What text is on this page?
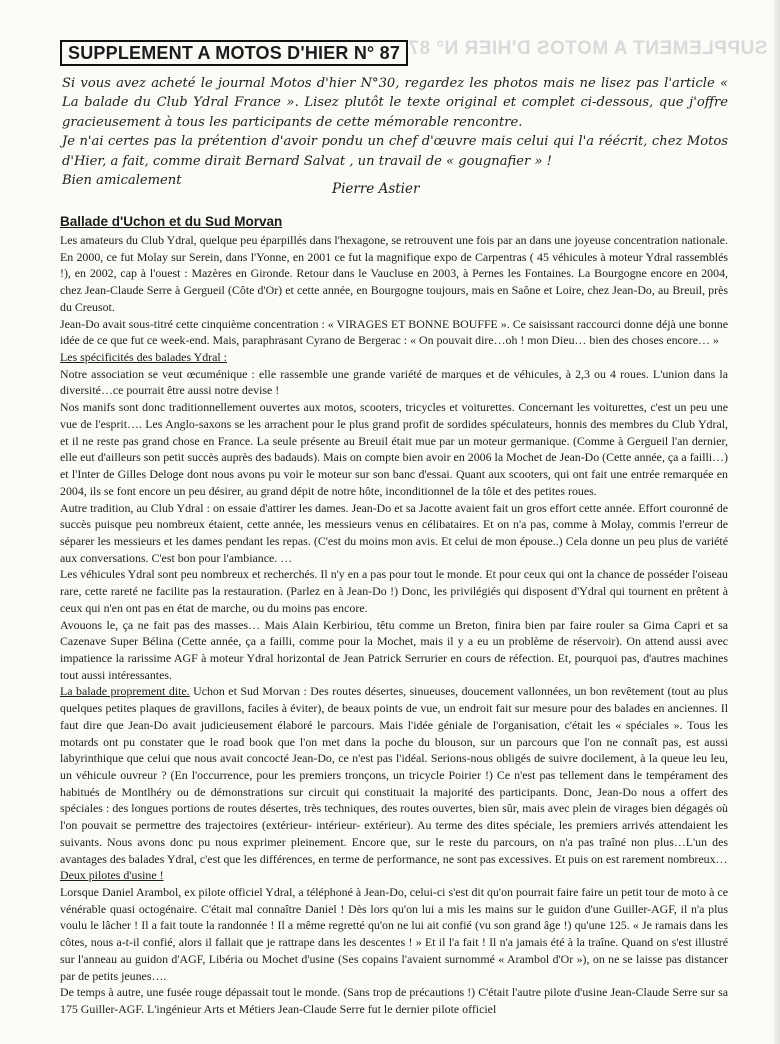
SUPPLEMENT A MOTOS D'HIER N° 87
SUPPLEMENT A MOTOS D'HIER N° 87

Si vous avez acheté le journal Motos d'hier N°30, regardez les photos mais ne lisez pas l'article « La balade du Club Ydral France ». Lisez plutôt le texte original et complet ci-dessous, que j'offre gracieusement à tous les participants de cette mémorable rencontre.

Je n'ai certes pas la prétention d'avoir pondu un chef d'œuvre mais celui qui l'a réécrit, chez Motos d'Hier, a fait, comme dirait Bernard Salvat , un travail de « gougnafier » !

Bien amicalement

Pierre Astier
Ballade d'Uchon et du Sud Morvan

Les amateurs du Club Ydral, quelque peu éparpillés dans l'hexagone, se retrouvent une fois par an dans une joyeuse concentration nationale. En 2000, ce fut Molay sur Serein, dans l'Yonne, en 2001 ce fut la magnifique expo de Carpentras ( 45 véhicules à moteur Ydral rassemblés !), en 2002, cap à l'ouest : Mazères en Gironde. Retour dans le Vaucluse en 2003, à Pernes les Fontaines. La Bourgogne encore en 2004, chez Jean-Claude Serre à Gergueil (Côte d'Or) et cette année, en Bourgogne toujours, mais en Saône et Loire, chez Jean-Do, au Breuil, près du Creusot.

Jean-Do avait sous-titré cette cinquième concentration : « VIRAGES ET BONNE BOUFFE ». Ce saisissant raccourci donne déjà une bonne idée de ce que fut ce week-end. Mais, paraphrasant Cyrano de Bergerac : « On pouvait dire…oh ! mon Dieu… bien des choses encore… »

Les spécificités des balades Ydral :

Notre association se veut œcuménique : elle rassemble une grande variété de marques et de véhicules, à 2,3 ou 4 roues. L'union dans la diversité…ce pourrait être aussi notre devise !

Nos manifs sont donc traditionnellement ouvertes aux motos, scooters, tricycles et voiturettes. Concernant les voiturettes, c'est un peu une vue de l'esprit…. Les Anglo-saxons se les arrachent pour le plus grand profit de sordides spéculateurs, honnis des membres du Club Ydral, et il ne reste pas grand chose en France. La seule présente au Breuil était mue par un moteur germanique. (Comme à Gergueil l'an dernier, elle eut d'ailleurs son petit succès auprès des badauds). Mais on compte bien avoir en 2006 la Mochet de Jean-Do (Cette année, ça a failli…) et l'Inter de Gilles Deloge dont nous avons pu voir le moteur sur son banc d'essai. Quant aux scooters, qui ont fait une entrée remarquée en 2004, ils se font encore un peu désirer, au grand dépit de notre hôte, inconditionnel de la tôle et des petites roues.

Autre tradition, au Club Ydral : on essaie d'attirer les dames. Jean-Do et sa Jacotte avaient fait un gros effort cette année. Effort couronné de succès puisque peu nombreux étaient, cette année, les messieurs venus en célibataires. Et on n'a pas, comme à Molay, commis l'erreur de séparer les messieurs et les dames pendant les repas. (C'est du moins mon avis. Et celui de mon épouse..) Cela donne un peu plus de variété aux conversations. C'est bon pour l'ambiance. …

Les véhicules Ydral sont peu nombreux et recherchés. Il n'y en a pas pour tout le monde. Et pour ceux qui ont la chance de posséder l'oiseau rare, cette rareté ne facilite pas la restauration. (Parlez en à Jean-Do !) Donc, les privilégiés qui disposent d'Ydral qui tournent en prêtent à ceux qui n'en ont pas en état de marche, ou du moins pas encore.

Avouons le, ça ne fait pas des masses… Mais Alain Kerbiriou, têtu comme un Breton, finira bien par faire rouler sa Gima Capri et sa Cazenave Super Bélina (Cette année, ça a failli, comme pour la Mochet, mais il y a eu un problème de réservoir). On attend aussi avec impatience la rarissime AGF à moteur Ydral horizontal de Jean Patrick Serrurier en cours de réfection. Et, pourquoi pas, d'autres machines tout aussi intéressantes.

La balade proprement dite. Uchon et Sud Morvan : Des routes désertes, sinueuses, doucement vallonnées, un bon revêtement (tout au plus quelques petites plaques de gravillons, faciles à éviter), de beaux points de vue, un endroit fait sur mesure pour des balades en anciennes. Il faut dire que Jean-Do avait judicieusement élaboré le parcours. Mais l'idée géniale de l'organisation, c'était les « spéciales ». Tous les motards ont pu constater que le road book que l'on met dans la poche du blouson, sur un parcours que l'on ne connaît pas, est aussi labyrinthique que celui que nous avait concocté Jean-Do, ce n'est pas l'idéal. Serions-nous obligés de suivre docilement, à la queue leu leu, un véhicule ouvreur ? (En l'occurrence, pour les premiers tronçons, un tricycle Poirier !) Ce n'est pas tellement dans le tempérament des habitués de Montlhéry ou de démonstrations sur circuit qui constituait la majorité des participants. Donc, Jean-Do nous a offert des spéciales : des longues portions de routes désertes, très techniques, des routes ouvertes, bien sûr, mais avec plein de virages bien dégagés où l'on pouvait se permettre des trajectoires (extérieur- intérieur- extérieur). Au terme des dites spéciale, les premiers arrivés attendaient les suivants. Nous avons donc pu nous exprimer pleinement. Encore que, sur le reste du parcours, on n'a pas traîné non plus…L'un des avantages des balades Ydral, c'est que les différences, en terme de performance, ne sont pas excessives. Et puis on est rarement nombreux…

Deux pilotes d'usine !

Lorsque Daniel Arambol, ex pilote officiel Ydral, a téléphoné à Jean-Do, celui-ci s'est dit qu'on pourrait faire faire un petit tour de moto à ce vénérable quasi octogénaire. C'était mal connaître Daniel ! Dès lors qu'on lui a mis les mains sur le guidon d'une Guiller-AGF, il n'a plus voulu le lâcher ! Il a fait toute la randonnée ! Il a même regretté qu'on ne lui ait confié (vu son grand âge !) qu'une 125. « Je ramais dans les côtes, nous a-t-il confié, alors il fallait que je rattrape dans les descentes ! » Et il l'a fait ! Il n'a jamais été à la traîne. Quand on s'est illustré sur l'anneau au guidon d'AGF, Libéria ou Mochet d'usine (Ses copains l'avaient surnommé « Arambol d'Or »), on ne se laisse pas distancer par de petits jeunes….

De temps à autre, une fusée rouge dépassait tout le monde. (Sans trop de précautions !) C'était l'autre pilote d'usine Jean-Claude Serre sur sa 175 Guiller-AGF. L'ingénieur Arts et Métiers Jean-Claude Serre fut le dernier pilote officiel
